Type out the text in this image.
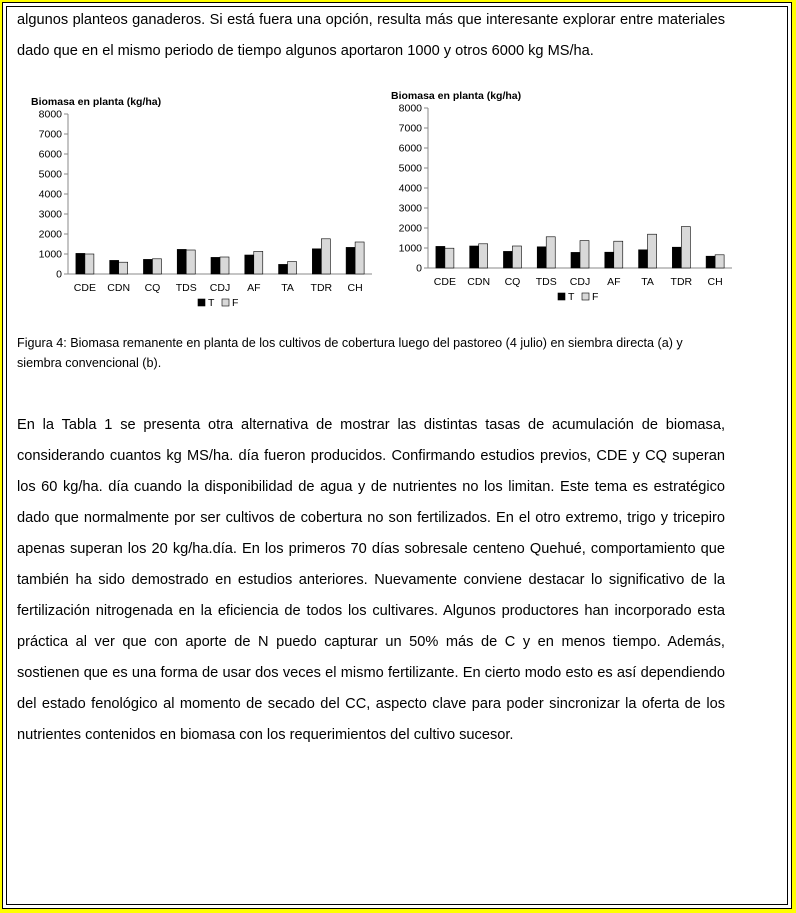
algunos planteos ganaderos. Si está fuera una opción, resulta más que interesante explorar entre materiales dado que en el mismo periodo de tiempo algunos aportaron 1000 y otros 6000 kg MS/ha.

Biomasa en planta (kg/ha)
0
1000
2000
3000
4000
5000
6000
7000
8000
CDE CDN CQ TDS CDJ AF TA TDR CH
T F
Biomasa en planta (kg/ha)
0
1000
2000
3000
4000
5000
6000
7000
8000
CDE CDN CQ TDS CDJ AF TA TDR CH
T F

Figura 4: Biomasa remanente en planta de los cultivos de cobertura luego del pastoreo (4 julio) en siembra directa (a) y siembra convencional (b).

En la Tabla 1 se presenta otra alternativa de mostrar las distintas tasas de acumulación de biomasa, considerando cuantos kg MS/ha. día fueron producidos. Confirmando estudios previos, CDE y CQ superan los 60 kg/ha. día cuando la disponibilidad de agua y de nutrientes no los limitan. Este tema es estratégico dado que normalmente por ser cultivos de cobertura no son fertilizados. En el otro extremo, trigo y tricepiro apenas superan los 20 kg/ha.día. En los primeros 70 días sobresale centeno Quehué, comportamiento que también ha sido demostrado en estudios anteriores. Nuevamente conviene destacar lo significativo de la fertilización nitrogenada en la eficiencia de todos los cultivares. Algunos productores han incorporado esta práctica al ver que con aporte de N puedo capturar un 50% más de C y en menos tiempo. Además, sostienen que es una forma de usar dos veces el mismo fertilizante. En cierto modo esto es así dependiendo del estado fenológico al momento de secado del CC, aspecto clave para poder sincronizar la oferta de los nutrientes contenidos en biomasa con los requerimientos del cultivo sucesor.
